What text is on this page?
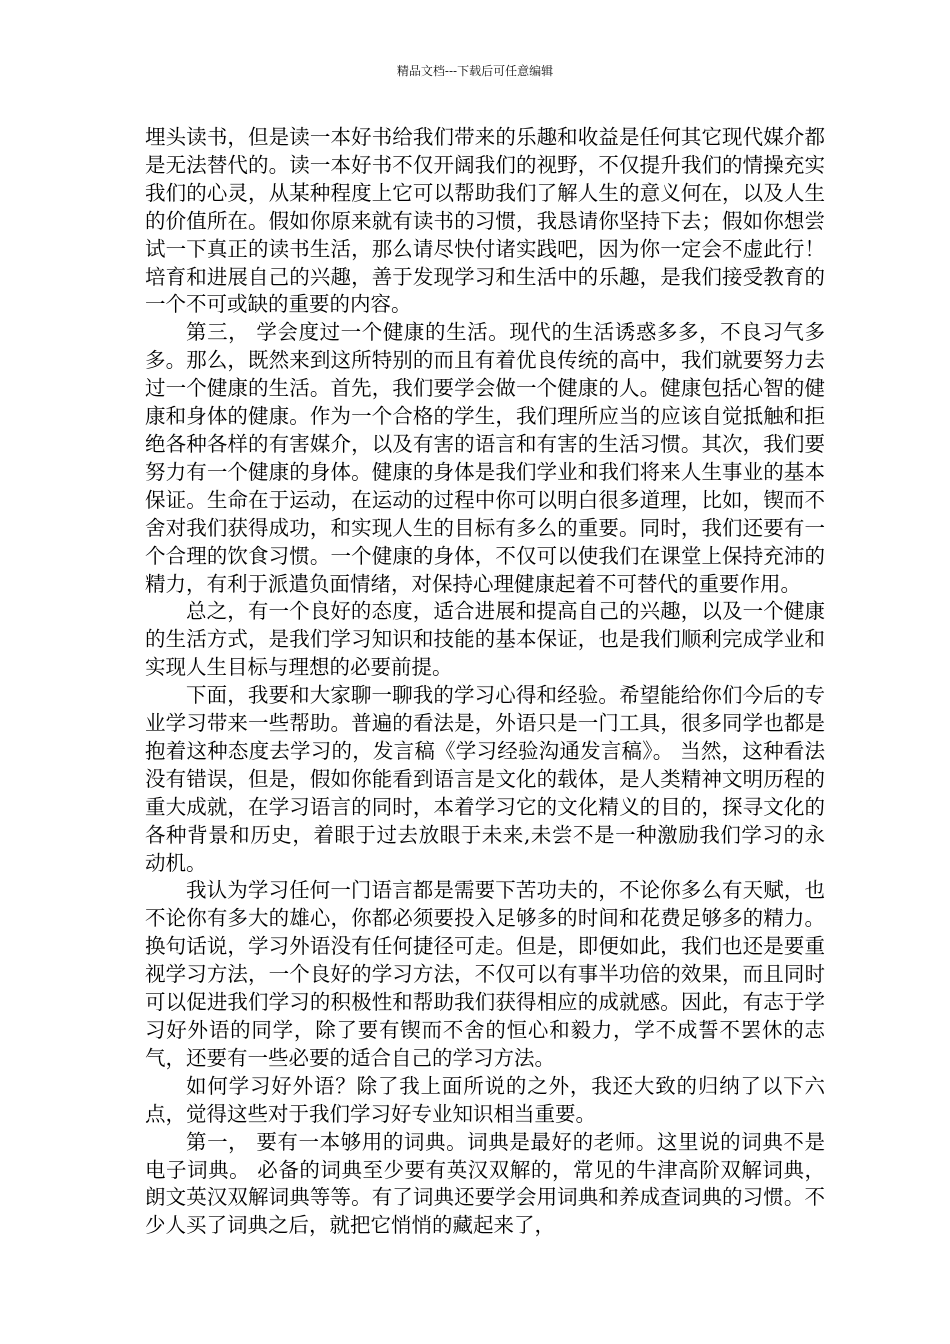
精品文档---下载后可任意编辑

埋头读书，但是读一本好书给我们带来的乐趣和收益是任何其它现代媒介都是无法替代的。读一本好书不仅开阔我们的视野，不仅提升我们的情操充实我们的心灵，从某种程度上它可以帮助我们了解人生的意义何在，以及人生的价值所在。假如你原来就有读书的习惯，我恳请你坚持下去；假如你想尝试一下真正的读书生活，那么请尽快付诸实践吧，因为你一定会不虚此行！培育和进展自己的兴趣，善于发现学习和生活中的乐趣，是我们接受教育的一个不可或缺的重要的内容。

第三， 学会度过一个健康的生活。现代的生活诱惑多多，不良习气多多。那么，既然来到这所特别的而且有着优良传统的高中，我们就要努力去过一个健康的生活。首先，我们要学会做一个健康的人。健康包括心智的健康和身体的健康。作为一个合格的学生，我们理所应当的应该自觉抵触和拒绝各种各样的有害媒介，以及有害的语言和有害的生活习惯。其次，我们要努力有一个健康的身体。健康的身体是我们学业和我们将来人生事业的基本保证。生命在于运动，在运动的过程中你可以明白很多道理，比如，锲而不舍对我们获得成功，和实现人生的目标有多么的重要。同时，我们还要有一个合理的饮食习惯。一个健康的身体，不仅可以使我们在课堂上保持充沛的精力，有利于派遣负面情绪，对保持心理健康起着不可替代的重要作用。

总之，有一个良好的态度，适合进展和提高自己的兴趣，以及一个健康的生活方式，是我们学习知识和技能的基本保证，也是我们顺利完成学业和实现人生目标与理想的必要前提。

下面，我要和大家聊一聊我的学习心得和经验。希望能给你们今后的专业学习带来一些帮助。普遍的看法是，外语只是一门工具，很多同学也都是抱着这种态度去学习的，发言稿《学习经验沟通发言稿》。 当然，这种看法没有错误，但是，假如你能看到语言是文化的载体，是人类精神文明历程的重大成就，在学习语言的同时，本着学习它的文化精义的目的，探寻文化的各种背景和历史，着眼于过去放眼于未来,未尝不是一种激励我们学习的永动机。

我认为学习任何一门语言都是需要下苦功夫的，不论你多么有天赋，也不论你有多大的雄心，你都必须要投入足够多的时间和花费足够多的精力。换句话说，学习外语没有任何捷径可走。但是，即便如此，我们也还是要重视学习方法，一个良好的学习方法，不仅可以有事半功倍的效果，而且同时可以促进我们学习的积极性和帮助我们获得相应的成就感。因此，有志于学习好外语的同学，除了要有锲而不舍的恒心和毅力，学不成誓不罢休的志气，还要有一些必要的适合自己的学习方法。

如何学习好外语？除了我上面所说的之外，我还大致的归纳了以下六点，觉得这些对于我们学习好专业知识相当重要。

第一， 要有一本够用的词典。词典是最好的老师。这里说的词典不是电子词典。 必备的词典至少要有英汉双解的，常见的牛津高阶双解词典，朗文英汉双解词典等等。有了词典还要学会用词典和养成查词典的习惯。不少人买了词典之后，就把它悄悄的藏起来了，
